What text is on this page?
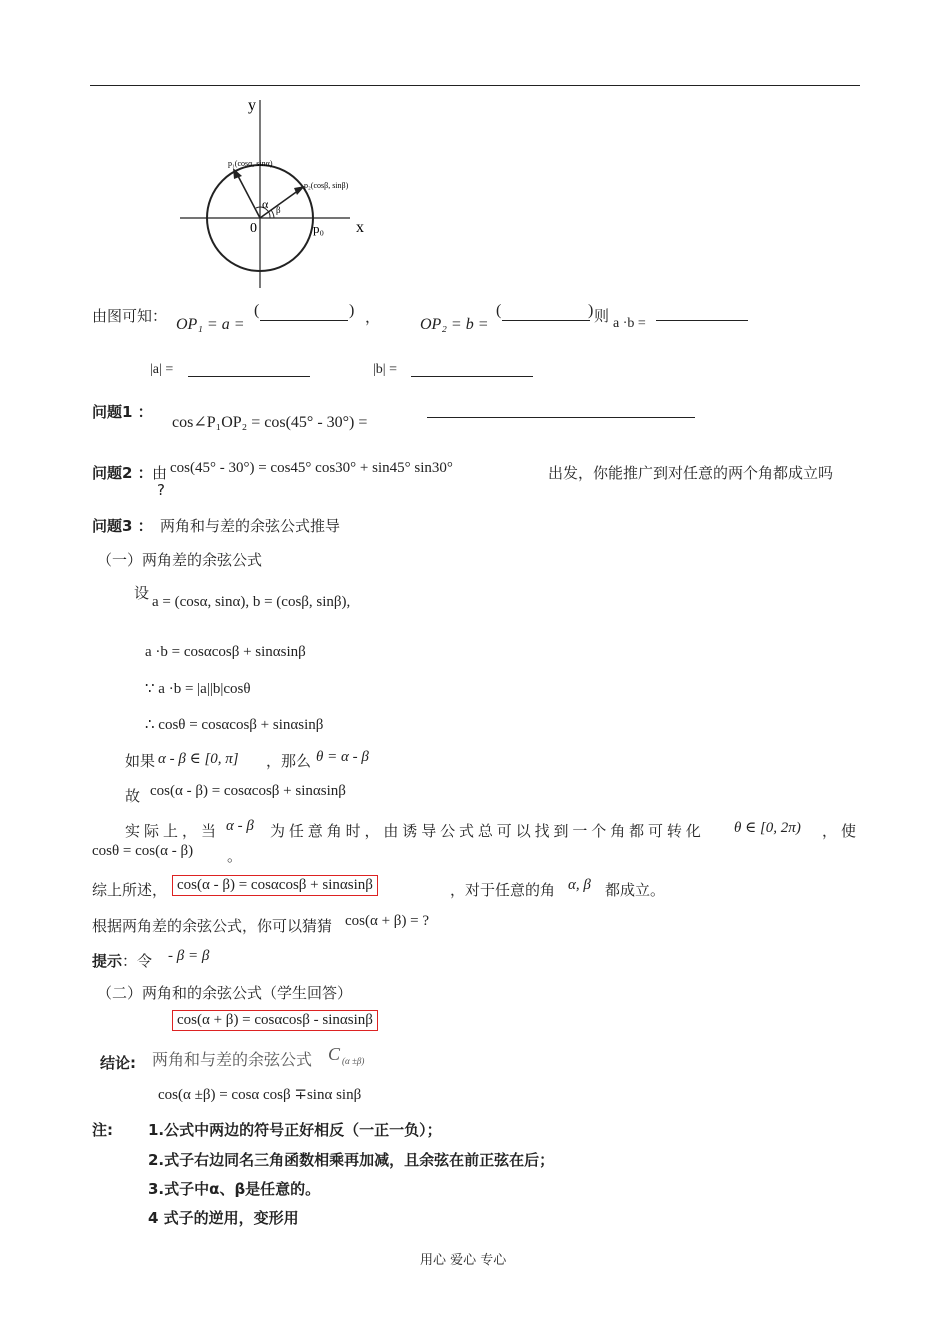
y
x
0
p₁(cosα, sinα)
p₂(cosβ, sinβ)
p₀
α β
由图可知： OP₁ = a =
(	) ， OP₂ = b =
(	) 则 a ·b =
|a| =	|b| =
问题1 ：
cos∠P₁OP₂ = cos(45° - 30°) =
问题2 ： 由 cos(45° - 30°) = cos45° cos30° + sin45° sin30°	出发，你能推广到对任意的两个角都成立吗
?
问题3 ： 两角和与差的余弦公式推导
（一）两角差的余弦公式
设 a = (cosα, sinα), b = (cosβ, sinβ),
a ·b = cosαcosβ + sinαsinβ
∵ a ·b = |a||b|cosθ
∴ cosθ = cosαcosβ + sinαsinβ
如果 α - β ∈ [0, π] ，那么 θ = α - β
故 cos(α - β) = cosαcosβ + sinαsinβ
实际上，当 α - β 为任意角时，由诱导公式总可以找到一个角都可转化 θ ∈ [0, 2π) ，使
cosθ = cos(α - β) 。
综上所述， cos(α - β) = cosαcosβ + sinαsinβ	，对于任意的角 α, β 都成立。
根据两角差的余弦公式，你可以猜猜 cos(α + β) = ?
提示 ：令 - β = β
（二）两角和的余弦公式（学生回答）
cos(α + β) = cosαcosβ - sinαsinβ
结论: 两角和与差的余弦公式 C (α ±β)
cos(α ±β) = cosα cosβ ∓sinα sinβ
注: 1.公式中两边的符号正好相反（一正一负）；
2.式子右边同名三角函数相乘再加减，且余弦在前正弦在后；
3.式子中α、β是任意的。
4 式子的逆用，变形用
用心 爱心 专心
